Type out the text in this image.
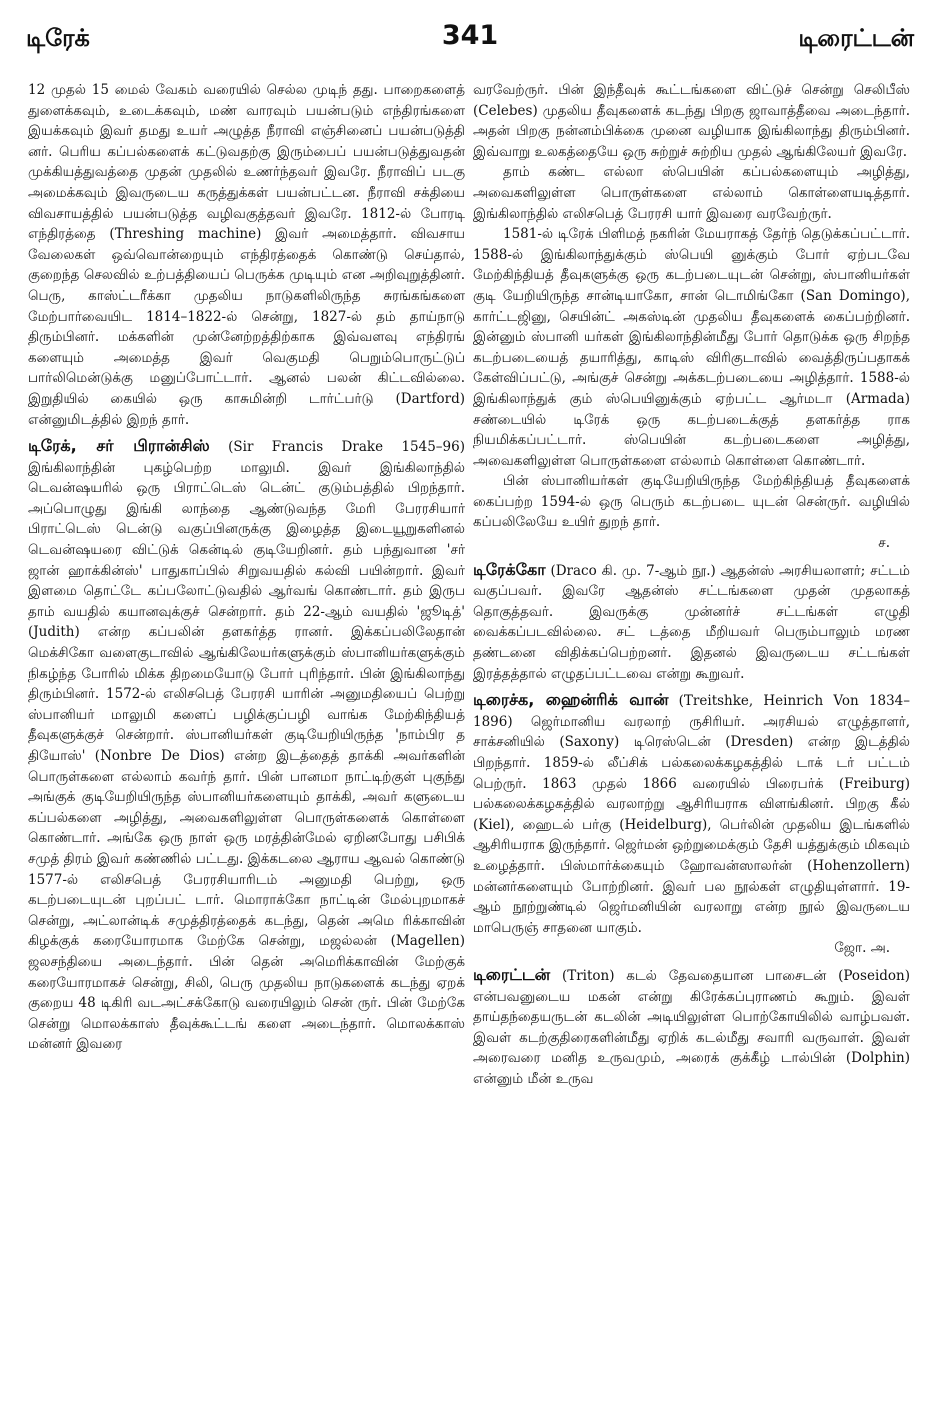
டிரேக்	341	டிரைட்டன்

12 முதல் 15 மைல் வேகம் வரையில் செல்ல முடிந் தது. பாறைகளைத் துளைக்கவும், உடைக்கவும், மண் வாரவும் பயன்படும் எந்திரங்களை இயக்கவும் இவர் தமது உயர் அழுத்த நீராவி எஞ்சினைப் பயன்படுத்தி னர். பெரிய கப்பல்களைக் கட்டுவதற்கு இரும்பைப் பயன்படுத்துவதன் முக்கியத்துவத்தை முதன் முதலில் உணர்ந்தவர் இவரே. நீராவிப் படகு அமைக்கவும் இவருடைய கருத்துக்கள் பயன்பட்டன. நீராவி சக்தியை விவசாயத்தில் பயன்படுத்த வழிவகுத்தவர் இவரே. 1812-ல் போரடி எந்திரத்தை (Threshing machine) இவர் அமைத்தார். விவசாய வேலைகள் ஒவ்வொன்றையும் எந்திரத்தைக் கொண்டு செய்தால், குறைந்த செலவில் உற்பத்தியைப் பெருக்க முடியும் என அறிவுறுத்தினர். பெரு, காஸ்ட்டரீக்கா முதலிய நாடுகளிலிருந்த சுரங்கங்களை மேற்பார்வையிட 1814–1822-ல் சென்று, 1827-ல் தம் தாய்நாடு திரும்பினர். மக்களின் முன்னேற்றத்திற்காக இவ்வளவு எந்திரங் களையும் அமைத்த இவர் வெகுமதி பெறும்பொருட்டுப் பார்லிமென்டுக்கு மனுப்போட்டார். ஆனல் பலன் கிட்டவில்லை. இறுதியில் கையில் ஒரு காசுமின்றி டார்ட்பர்டு (Dartford) என்னுமிடத்தில் இறந் தார்.

டிரேக், சர் பிரான்சிஸ் (Sir Francis Drake 1545–96) இங்கிலாந்தின் புகழ்பெற்ற மாலுமி. இவர் இங்கிலாந்தில் டெவன்ஷயரில் ஒரு பிராட்டெஸ் டென்ட் குடும்பத்தில் பிறந்தார். அப்பொழுது இங்கி லாந்தை ஆண்டுவந்த மேரி பேரரசியார் பிராட்டெஸ் டென்டு வகுப்பினருக்கு இழைத்த இடையூறுகளினல் டெவன்ஷயரை விட்டுக் கென்டில் குடியேறினர். தம் பந்துவான 'சர் ஜான் ஹாக்கின்ஸ்' பாதுகாப்பில் சிறுவயதில் கல்வி பயின்றார். இவர் இளமை தொட்டே கப்பலோட்டுவதில் ஆர்வங் கொண்டார். தம் இருப தாம் வயதில் கயானவுக்குச் சென்றார். தம் 22-ஆம் வயதில் 'ஜூடித்' (Judith) என்ற கப்பலின் தளகர்த்த ரானர். இக்கப்பலிலேதான் மெக்சிகோ வளைகுடாவில் ஆங்கிலேயர்களுக்கும் ஸ்பானியர்களுக்கும் நிகழ்ந்த போரில் மிக்க திறமையோடு போர் புரிந்தார். பின் இங்கிலாந்து திரும்பினர். 1572-ல் எலிசபெத் பேரரசி யாரின் அனுமதியைப் பெற்று ஸ்பானியர் மாலுமி களைப் பழிக்குப்பழி வாங்க மேற்கிந்தியத் தீவுகளுக்குச் சென்றார். ஸ்பானியர்கள் குடியேறியிருந்த 'நாம்பிர த தியோஸ்' (Nonbre De Dios) என்ற இடத்தைத் தாக்கி அவர்களின் பொருள்களை எல்லாம் கவர்ந் தார். பின் பானமா நாட்டிற்குள் புகுந்து அங்குக் குடியேறியிருந்த ஸ்பானியர்களையும் தாக்கி, அவர் களுடைய கப்பல்களை அழித்து, அவைகளிலுள்ள பொருள்களைக் கொள்ளை கொண்டார். அங்கே ஒரு நாள் ஒரு மரத்தின்மேல் ஏறினபோது பசிபிக் சமுத் திரம் இவர் கண்ணில் பட்டது. இக்கடலை ஆராய ஆவல் கொண்டு 1577-ல் எலிசபெத் பேரரசியாரிடம் அனுமதி பெற்று, ஒரு கடற்படையுடன் புறப்பட் டார். மொராக்கோ நாட்டின் மேல்புறமாகச் சென்று, அட்லான்டிக் சமுத்திரத்தைக் கடந்து, தென் அமெ ரிக்காவின் கிழக்குக் கரையோரமாக மேற்கே சென்று, மஜல்லன் (Magellen) ஜலசந்தியை அடைந்தார். பின் தென் அமெரிக்காவின் மேற்குக் கரையோரமாகச் சென்று, சிலி, பெரு முதலிய நாடுகளைக் கடந்து ஏறக் குறைய 48 டிகிரி வடஅட்சக்கோடு வரையிலும் சென் ருர். பின் மேற்கே சென்று மொலக்காஸ் தீவுக்கூட்டங் களை அடைந்தார். மொலக்காஸ் மன்னர் இவரை

வரவேற்ருர். பின் இந்தீவுக் கூட்டங்களை விட்டுச் சென்று செலிபீஸ் (Celebes) முதலிய தீவுகளைக் கடந்து பிறகு ஜாவாத்தீவை அடைந்தார். அதன் பிறகு நன்னம்பிக்கை முனை வழியாக இங்கிலாந்து திரும்பினர். இவ்வாறு உலகத்தையே ஒரு சுற்றுச் சுற்றிய முதல் ஆங்கிலேயர் இவரே.

தாம் கண்ட எல்லா ஸ்பெயின் கப்பல்களையும் அழித்து, அவைகளிலுள்ள பொருள்களை எல்லாம் கொள்ளையடித்தார். இங்கிலாந்தில் எலிசபெத் பேரரசி யார் இவரை வரவேற்ருர்.

1581-ல் டிரேக் பிளிமத் நகரின் மேயராகத் தேர்ந் தெடுக்கப்பட்டார். 1588-ல் இங்கிலாந்துக்கும் ஸ்பெயி னுக்கும் போர் ஏற்படவே மேற்கிந்தியத் தீவுகளுக்கு ஒரு கடற்படையுடன் சென்று, ஸ்பானியர்கள் குடி யேறியிருந்த சான்டியாகோ, சான் டொமிங்கோ (San Domingo), கார்ட்டஜினு, செயின்ட் அகஸ்டின் முதலிய தீவுகளைக் கைப்பற்றினர். இன்னும் ஸ்பானி யர்கள் இங்கிலாந்தின்மீது போர் தொடுக்க ஒரு சிறந்த கடற்படையைத் தயாரித்து, காடிஸ் விரிகுடாவில் வைத்திருப்பதாகக் கேள்விப்பட்டு, அங்குச் சென்று அக்கடற்படையை அழித்தார். 1588-ல் இங்கிலாந்துக் கும் ஸ்பெயினுக்கும் ஏற்பட்ட ஆர்மடா (Armada) சண்டையில் டிரேக் ஒரு கடற்படைக்குத் தளகர்த்த ராக நியமிக்கப்பட்டார். ஸ்பெயின் கடற்படைகளை அழித்து, அவைகளிலுள்ள பொருள்களை எல்லாம் கொள்ளை கொண்டார்.

பின் ஸ்பானியர்கள் குடியேறியிருந்த மேற்கிந்தியத் தீவுகளைக் கைப்பற்ற 1594-ல் ஒரு பெரும் கடற்படை யுடன் சென்ருர். வழியில் கப்பலிலேயே உயிர் துறந் தார்.

ச.

டிரேக்கோ (Draco கி. மு. 7-ஆம் நூ.) ஆதன்ஸ் அரசியலாளர்; சட்டம் வகுப்பவர். இவரே ஆதன்ஸ் சட்டங்களை முதன் முதலாகத் தொகுத்தவர். இவருக்கு முன்னர்ச் சட்டங்கள் எழுதி வைக்கப்படவில்லை. சட் டத்தை மீறியவர் பெரும்பாலும் மரண தண்டனை விதிக்கப்பெற்றனர். இதனல் இவருடைய சட்டங்கள் இரத்தத்தால் எழுதப்பட்டவை என்று கூறுவர்.

டிரைச்க, ஹைன்ரிக் வான் (Treitshke, Heinrich Von 1834–1896) ஜெர்மானிய வரலாற் ருசிரியர். அரசியல் எழுத்தாளர், சாக்சனியில் (Saxony) டிரெஸ்டென் (Dresden) என்ற இடத்தில் பிறந்தார். 1859-ல் லீப்சிக் பல்கலைக்கழகத்தில் டாக் டர் பட்டம் பெற்ருர். 1863 முதல் 1866 வரையில் பிரைபர்க் (Freiburg) பல்கலைக்கழகத்தில் வரலாற்று ஆசிரியராக விளங்கினர். பிறகு கீல் (Kiel), ஹைடல் பர்கு (Heidelburg), பெர்லின் முதலிய இடங்களில் ஆசிரியராக இருந்தார். ஜெர்மன் ஒற்றுமைக்கும் தேசி யத்துக்கும் மிகவும் உழைத்தார். பிஸ்மார்க்கையும் ஹோவன்ஸாலர்ன் (Hohenzollern) மன்னர்களையும் போற்றினர். இவர் பல நூல்கள் எழுதியுள்ளார். 19-ஆம் நூற்றுண்டில் ஜெர்மனியின் வரலாறு என்ற நூல் இவருடைய மாபெருஞ் சாதனை யாகும்.

ஜோ. அ.

டிரைட்டன் (Triton) கடல் தேவதையான பாசைடன் (Poseidon) என்பவனுடைய மகன் என்று கிரேக்கப்புராணம் கூறும். இவள் தாய்தந்தையருடன் கடலின் அடியிலுள்ள பொற்கோயிலில் வாழ்பவள். இவள் கடற்குதிரைகளின்மீது ஏறிக் கடல்மீது சவாரி வருவாள். இவள் அரைவரை மனித உருவமும், அரைக் குக்கீழ் டால்பின் (Dolphin) என்னும் மீன் உருவ
